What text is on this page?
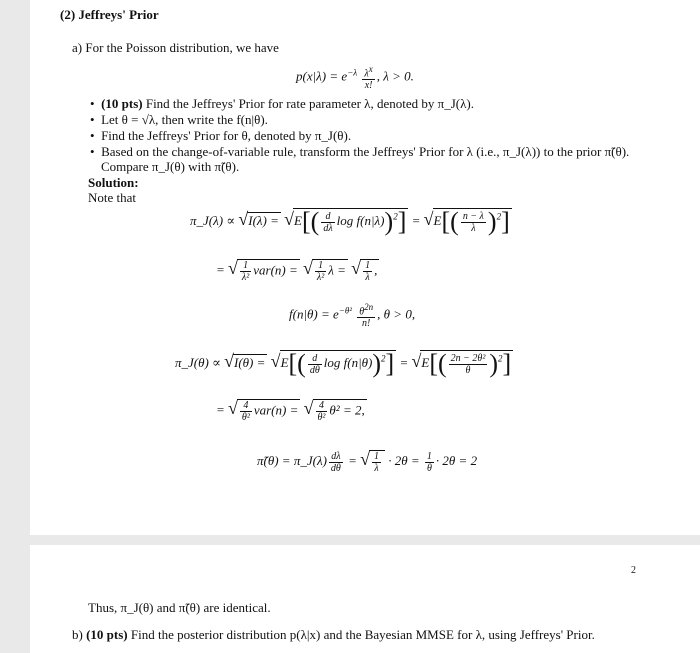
(2) Jeffreys' Prior
a) For the Poisson distribution, we have
$p(x|\lambda) = e^{-\lambda} \frac{\lambda^x}{x!}$ , λ > 0.
•  (10 pts) Find the Jeffreys' Prior for rate parameter λ, denoted by π_J(λ).
•  Let θ = √λ, then write the f(n|θ).
•  Find the Jeffreys' Prior for θ, denoted by π_J(θ).
•  Based on the change-of-variable rule, transform the Jeffreys' Prior for λ (i.e., π_J(λ)) to the prior π̃(θ).
Compare π_J(θ) with π̃(θ).
Solution:
Note that
π_J(λ) ∝ $√I(\lambda) = √E[( \frac{d}{d\lambda}$ $\log f(n|\lambda))^2] = √E[( \frac{n - \lambda}{\lambda} )^2]$
= √ $\frac{1}{\text{λ²}} var(n)$ = √ $\frac{1}{\text{λ²}}$ λ = √ $\frac{1}{\lambda}$ ,
$f(n|\theta) = e^{-\theta^2} \frac{\theta^{2n}}{n!}$ , θ > 0,
π_J(θ) ∝ $√I(\theta) = √E[( \frac{d}{d\theta}$ $\log f(n|\theta))^2] = √E[( \frac{\text{2n − 2θ²}}{\theta} )^2]$
= √ $\frac{4}{\text{θ²}} var(n)$ = √ $\frac{4}{\text{θ²}} \theta^2 = 2$,
π̃(θ) = π_J(λ) $\frac{d\lambda}{d\theta}$ = √ $\frac{1}{\lambda} \cdot 2\theta = \frac{1}{\theta} \cdot 2\theta = 2$
2
Thus, π_J(θ) and π̃(θ) are identical.
b) (10 pts) Find the posterior distribution p(λ|x) and the Bayesian MMSE for λ, using Jeffreys' Prior.
